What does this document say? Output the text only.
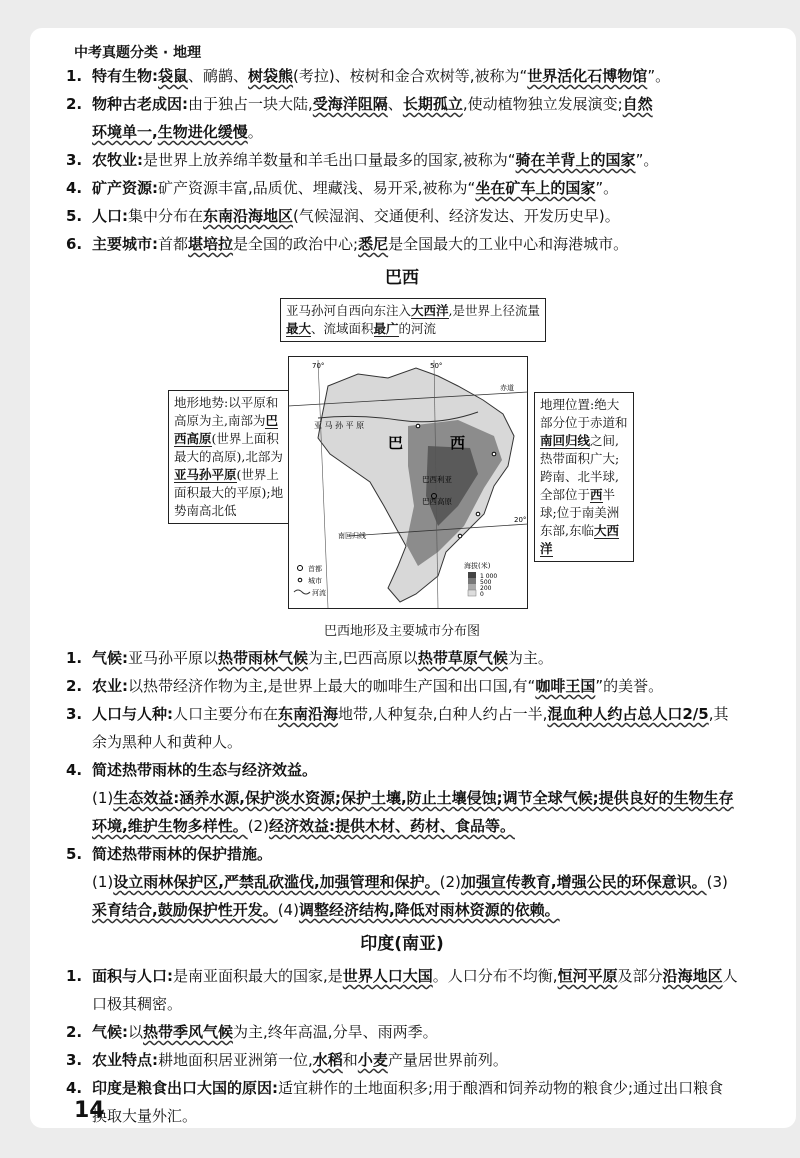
中考真题分类 · 地理
1. 特有生物:袋鼠、鸸鹋、树袋熊(考拉)、桉树和金合欢树等,被称为“世界活化石博物馆”。
2. 物种古老成因:由于独占一块大陆,受海洋阻隔、长期孤立,使动植物独立发展演变;自然
环境单一,生物进化缓慢。
3. 农牧业:是世界上放养绵羊数量和羊毛出口量最多的国家,被称为“骑在羊背上的国家”。
4. 矿产资源:矿产资源丰富,品质优、埋藏浅、易开采,被称为“坐在矿车上的国家”。
5. 人口:集中分布在东南沿海地区(气候湿润、交通便利、经济发达、开发历史早)。
6. 主要城市:首都堪培拉是全国的政治中心;悉尼是全国最大的工业中心和海港城市。
巴西
亚马孙河自西向东注入大西洋,是世界上径流量最大、流域面积最广的河流
地形地势:以平原和高原为主,南部为巴西高原(世界上面积最大的高原),北部为亚马孙平原(世界上面积最大的平原);地势南高北低
地理位置:绝大部分位于赤道和南回归线之间,热带面积广大;跨南、北半球,全部位于西半球;位于南美洲东部,东临大西洋
70°	50°
赤道
20°
亚 马 孙 平 原
巴	西
巴西利亚
巴西高原
南回归线
海拔(米)
1 000
500
200
0
首都
城市
河流
巴西地形及主要城市分布图
1. 气候:亚马孙平原以热带雨林气候为主,巴西高原以热带草原气候为主。
2. 农业:以热带经济作物为主,是世界上最大的咖啡生产国和出口国,有“咖啡王国”的美誉。
3. 人口与人种:人口主要分布在东南沿海地带,人种复杂,白种人约占一半,混血种人约占总人口2/5,其余为黑种人和黄种人。
4. 简述热带雨林的生态与经济效益。
(1)生态效益:涵养水源,保护淡水资源;保护土壤,防止土壤侵蚀;调节全球气候;提供良好的生物生存环境,维护生物多样性。(2)经济效益:提供木材、药材、食品等。
5. 简述热带雨林的保护措施。
(1)设立雨林保护区,严禁乱砍滥伐,加强管理和保护。(2)加强宣传教育,增强公民的环保意识。(3)采育结合,鼓励保护性开发。(4)调整经济结构,降低对雨林资源的依赖。
印度(南亚)
1. 面积与人口:是南亚面积最大的国家,是世界人口大国。人口分布不均衡,恒河平原及部分沿海地区人口极其稠密。
2. 气候:以热带季风气候为主,终年高温,分旱、雨两季。
3. 农业特点:耕地面积居亚洲第一位,水稻和小麦产量居世界前列。
4. 印度是粮食出口大国的原因:适宜耕作的土地面积多;用于酿酒和饲养动物的粮食少;通过出口粮食换取大量外汇。
14
